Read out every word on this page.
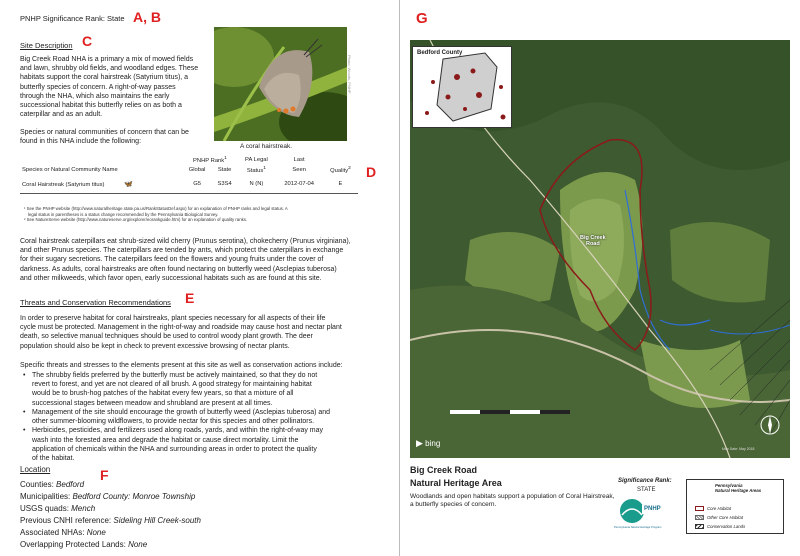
A, B
C
D
E
F
PNHP Significance Rank: State
Site Description
Big Creek Road NHA is a primary a mix of mowed fields
and lawn, shrubby old fields, and woodland edges. These
habitats support the coral hairstreak (Satyrium titus), a
butterfly species of concern. A right-of-way passes
through the NHA, which also maintains the early
successional habitat this butterfly relies on as both a
caterpillar and as an adult.
Species or natural communities of concern that can be
found in this NHA include the following:
Photo: Woods, PNHP
A coral hairstreak.
	PNHP Rank$^1$		PA Legal	Last	
Species or Natural Community Name	Global	State	Status$^1$	Seen	Quality$^2$
Coral Hairstreak (Satyrium titus) 🦋	G5	S3S4	N (N)	2012-07-04	E
¹ See the PNHP website (http://www.naturalheritage.state.pa.us/RankStatusDef.aspx) for an explanation of PNHP ranks and legal status. A
legal status in parentheses is a status change recommended by the Pennsylvania Biological Survey.
² See NatureServe website (http://www.natureserve.org/explorer/eorankguide.htm) for an explanation of quality ranks.
Coral hairstreak caterpillars eat shrub-sized wild cherry (Prunus serotina), chokecherry (Prunus virginiana),
and other Prunus species. The caterpillars are tended by ants, which protect the caterpillars in exchange
for their sugary secretions. The caterpillars feed on the flowers and young fruits under the cover of
darkness. As adults, coral hairstreaks are often found nectaring on butterfly weed (Asclepias tuberosa)
and other milkweeds, which favor open, early successional habitats such as are found at this site.
Threats and Conservation Recommendations
In order to preserve habitat for coral hairstreaks, plant species necessary for all aspects of their life
cycle must be protected. Management in the right-of-way and roadside may cause host and nectar plant
death, so selective manual techniques should be used to control woody plant growth. The deer
population should also be kept in check to prevent excessive browsing of nectar plants.
Specific threats and stresses to the elements present at this site as well as conservation actions include:
• The shrubby fields preferred by the butterfly must be actively maintained, so that they do not
revert to forest, and yet are not cleared of all brush. A good strategy for maintaining habitat
would be to brush-hog patches of the habitat every few years, so that a mixture of all
successional stages between meadow and shrubland are present at all times.
• Management of the site should encourage the growth of butterfly weed (Asclepias tuberosa) and
other summer-blooming wildflowers, to provide nectar for this species and other pollinators.
• Herbicides, pesticides, and fertilizers used along roads, yards, and within the right-of-way may
wash into the forested area and degrade the habitat or cause direct mortality. Limit the
application of chemicals within the NHA and surrounding areas in order to protect the quality
of the habitat.
Location
Counties: Bedford
Municipalities: Bedford County: Monroe Township
USGS quads: Mench
Previous CNHI reference: Sideling Hill Creek-south
Associated NHAs: None
Overlapping Protected Lands: None
G
Big Creek
Road
▶ bing
Map Date: May 2018
Bedford County
Big Creek Road
Natural Heritage Area
Woodlands and open habitats support a population of Coral Hairstreak, a butterfly species of concern.
Significance Rank:
STATE
PNHP
Pennsylvania Natural Heritage Program
Pennsylvania
Natural Heritage Areas
Core Habitat
Other Core Habitat
Conservation Lands
